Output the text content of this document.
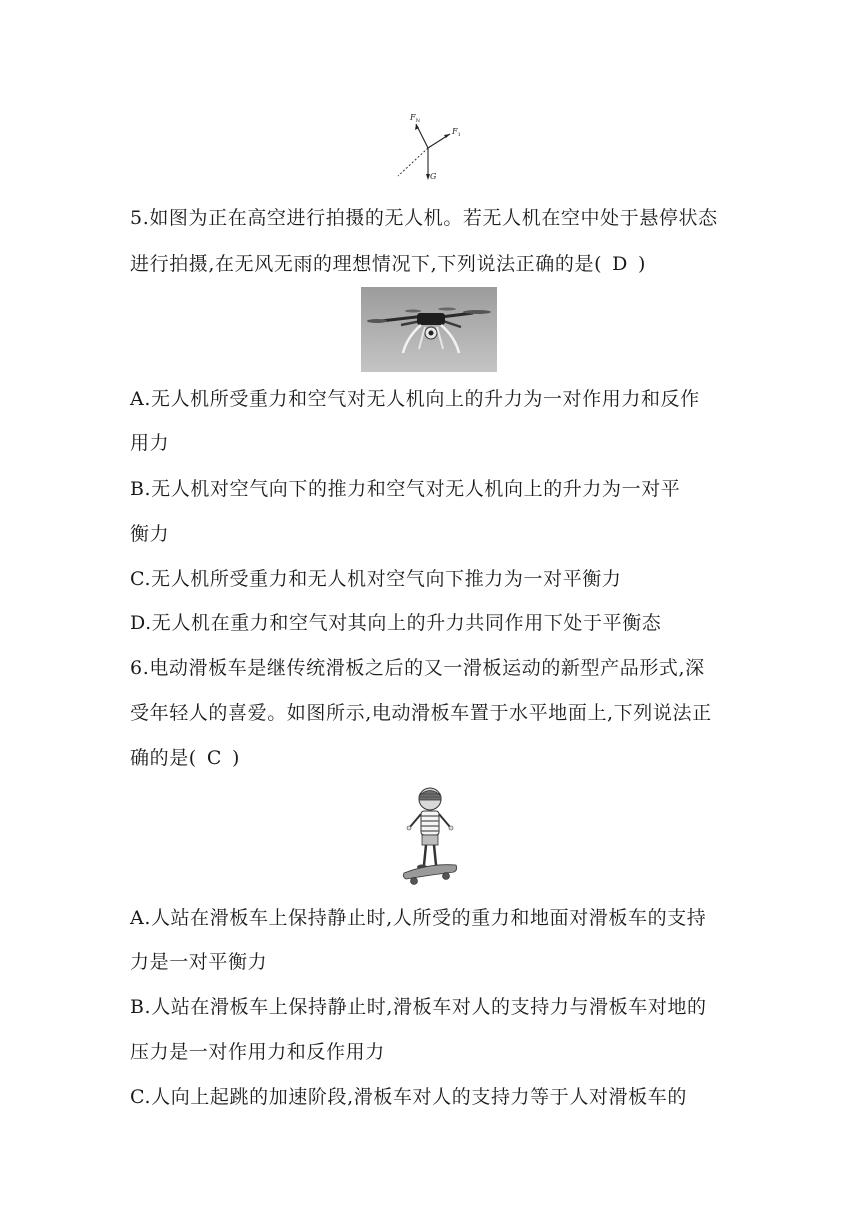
$F_N$
$F_1$
G
5.如图为正在高空进行拍摄的无人机。若无人机在空中处于悬停状态
进行拍摄,在无风无雨的理想情况下,下列说法正确的是( D )
A.无人机所受重力和空气对无人机向上的升力为一对作用力和反作
用力
B.无人机对空气向下的推力和空气对无人机向上的升力为一对平
衡力
C.无人机所受重力和无人机对空气向下推力为一对平衡力
D.无人机在重力和空气对其向上的升力共同作用下处于平衡态
6.电动滑板车是继传统滑板之后的又一滑板运动的新型产品形式,深
受年轻人的喜爱。如图所示,电动滑板车置于水平地面上,下列说法正
确的是( C )
A.人站在滑板车上保持静止时,人所受的重力和地面对滑板车的支持
力是一对平衡力
B.人站在滑板车上保持静止时,滑板车对人的支持力与滑板车对地的
压力是一对作用力和反作用力
C.人向上起跳的加速阶段,滑板车对人的支持力等于人对滑板车的
